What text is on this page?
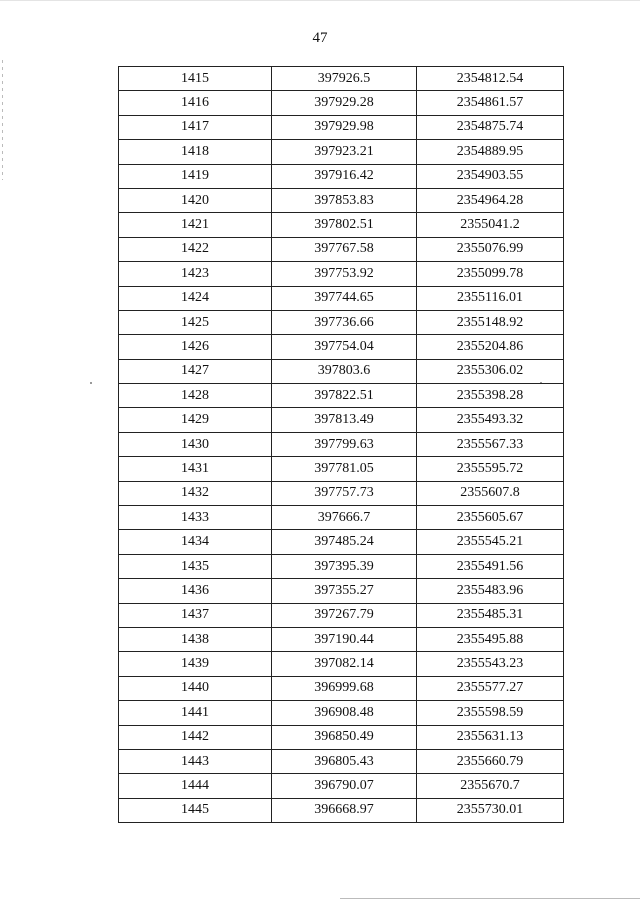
47
1415	397926.5	2354812.54
1416	397929.28	2354861.57
1417	397929.98	2354875.74
1418	397923.21	2354889.95
1419	397916.42	2354903.55
1420	397853.83	2354964.28
1421	397802.51	2355041.2
1422	397767.58	2355076.99
1423	397753.92	2355099.78
1424	397744.65	2355116.01
1425	397736.66	2355148.92
1426	397754.04	2355204.86
1427	397803.6	2355306.02
1428	397822.51	2355398.28
1429	397813.49	2355493.32
1430	397799.63	2355567.33
1431	397781.05	2355595.72
1432	397757.73	2355607.8
1433	397666.7	2355605.67
1434	397485.24	2355545.21
1435	397395.39	2355491.56
1436	397355.27	2355483.96
1437	397267.79	2355485.31
1438	397190.44	2355495.88
1439	397082.14	2355543.23
1440	396999.68	2355577.27
1441	396908.48	2355598.59
1442	396850.49	2355631.13
1443	396805.43	2355660.79
1444	396790.07	2355670.7
1445	396668.97	2355730.01
